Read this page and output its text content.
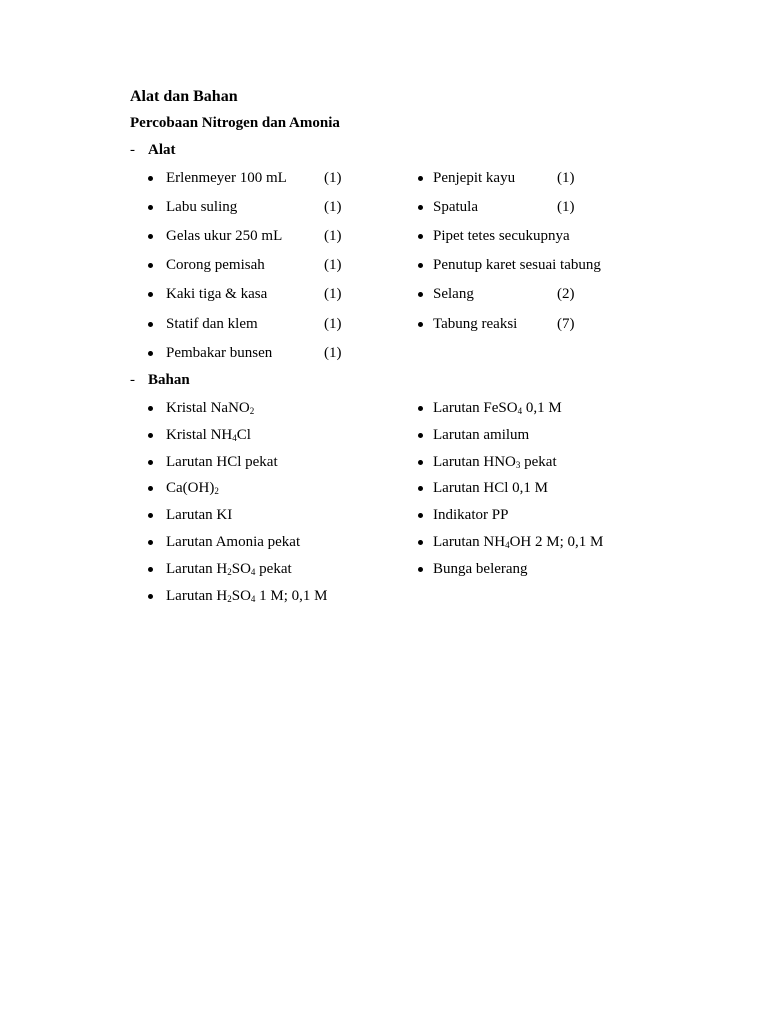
Alat dan Bahan
Percobaan Nitrogen dan Amonia
- Alat
Erlenmeyer 100 mL (1)
Labu suling	(1)
Gelas ukur 250 mL	(1)
Corong pemisah	(1)
Kaki tiga & kasa	(1)
Statif dan klem	(1)
Pembakar bunsen	(1)
Penjepit kayu	(1)
Spatula	(1)
Pipet tetes secukupnya
Penutup karet sesuai tabung
Selang	(2)
Tabung reaksi	(7)
- Bahan
Kristal NaNO$_2$
Kristal $NH_4Cl$
Larutan HCl pekat
$Ca(OH)_2$
Larutan KI
Larutan Amonia pekat
Larutan $H_2SO_4$ pekat
Larutan $H_2SO_4$ 1 M; 0,1 M
Larutan FeSO$_4$ 0,1 M
Larutan amilum
Larutan $HNO_3$ pekat
Larutan HCl 0,1 M
Indikator PP
Larutan $NH_4OH$ 2 M; 0,1 M
Bunga belerang
